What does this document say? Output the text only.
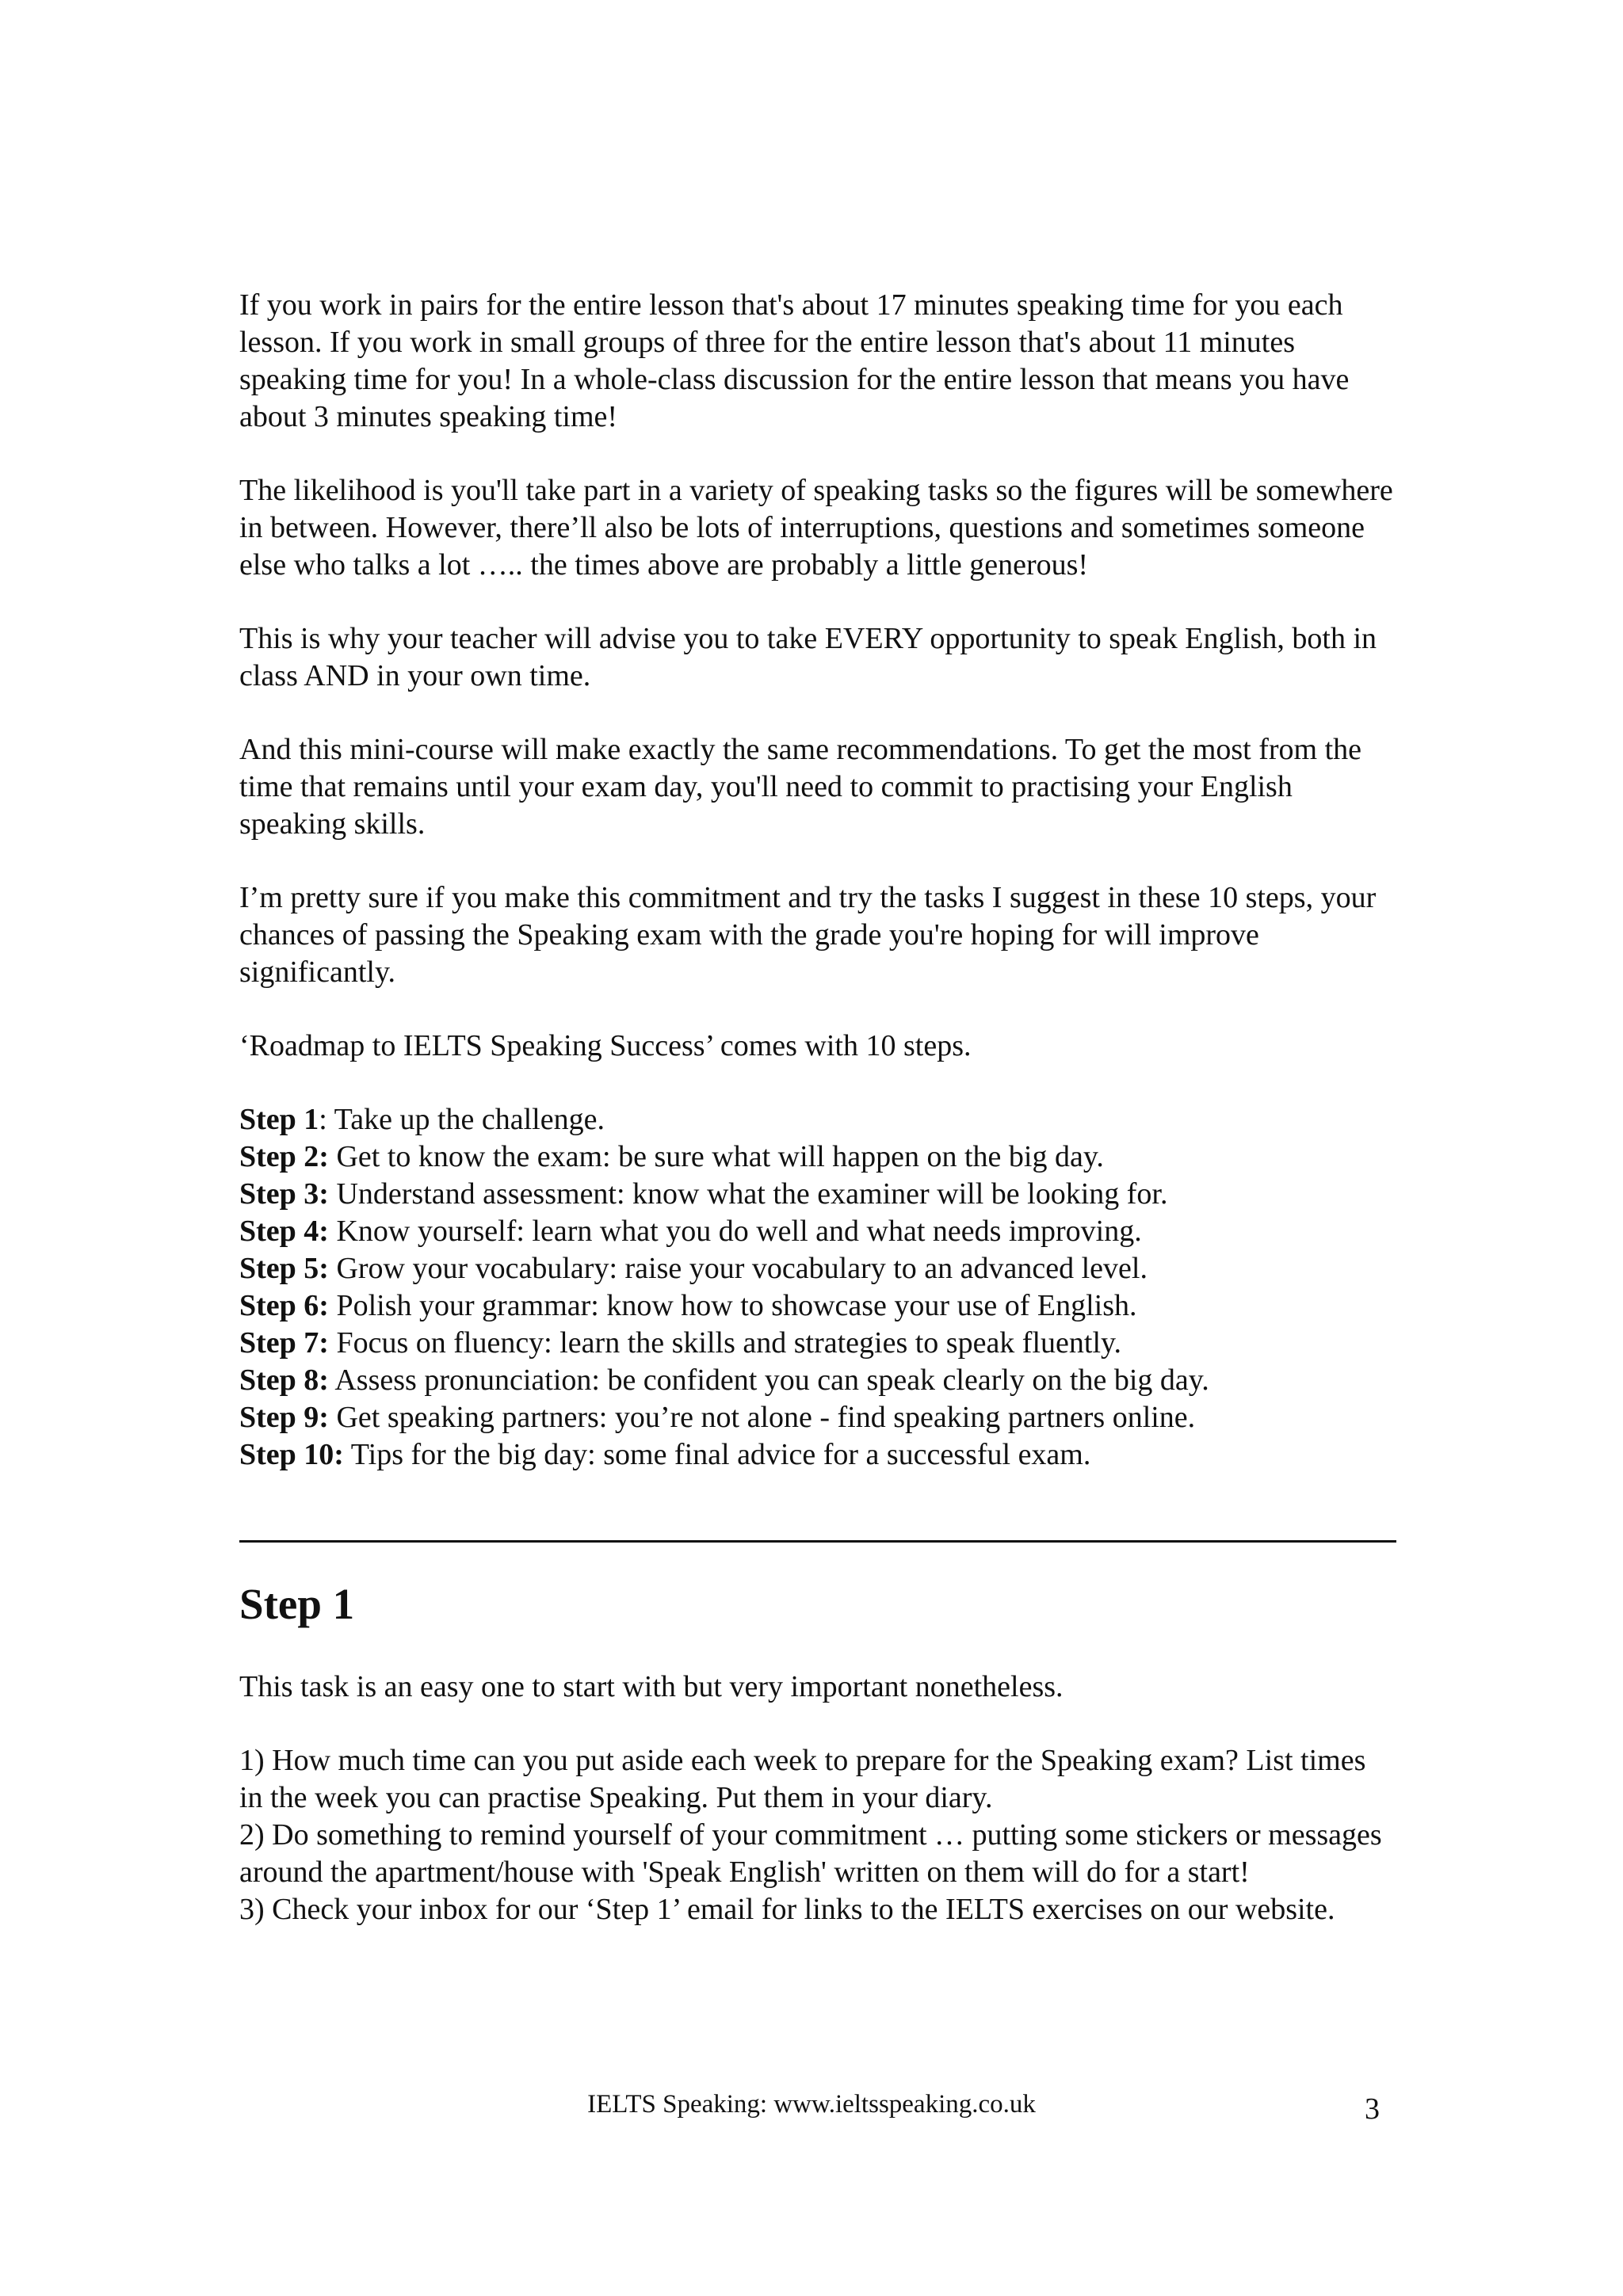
If you work in pairs for the entire lesson that's about 17 minutes speaking time for you each lesson. If you work in small groups of three for the entire lesson that's about 11 minutes speaking time for you! In a whole-class discussion for the entire lesson that means you have about 3 minutes speaking time!

The likelihood is you'll take part in a variety of speaking tasks so the figures will be somewhere in between. However, there’ll also be lots of interruptions, questions and sometimes someone else who talks a lot ….. the times above are probably a little generous!

This is why your teacher will advise you to take EVERY opportunity to speak English, both in class AND in your own time.

And this mini-course will make exactly the same recommendations. To get the most from the time that remains until your exam day, you'll need to commit to practising your English speaking skills.

I’m pretty sure if you make this commitment and try the tasks I suggest in these 10 steps, your chances of passing the Speaking exam with the grade you're hoping for will improve significantly.

‘Roadmap to IELTS Speaking Success’ comes with 10 steps.

Step 1: Take up the challenge.
Step 2: Get to know the exam: be sure what will happen on the big day.
Step 3: Understand assessment: know what the examiner will be looking for.
Step 4: Know yourself: learn what you do well and what needs improving.
Step 5: Grow your vocabulary: raise your vocabulary to an advanced level.
Step 6: Polish your grammar: know how to showcase your use of English.
Step 7: Focus on fluency: learn the skills and strategies to speak fluently.
Step 8: Assess pronunciation: be confident you can speak clearly on the big day.
Step 9: Get speaking partners: you’re not alone - find speaking partners online.
Step 10: Tips for the big day: some final advice for a successful exam.
Step 1

This task is an easy one to start with but very important nonetheless.

1) How much time can you put aside each week to prepare for the Speaking exam? List times in the week you can practise Speaking. Put them in your diary.

2) Do something to remind yourself of your commitment … putting some stickers or messages around the apartment/house with 'Speak English' written on them will do for a start!

3) Check your inbox for our ‘Step 1’ email for links to the IELTS exercises on our website.

IELTS Speaking: www.ieltsspeaking.co.uk	3
